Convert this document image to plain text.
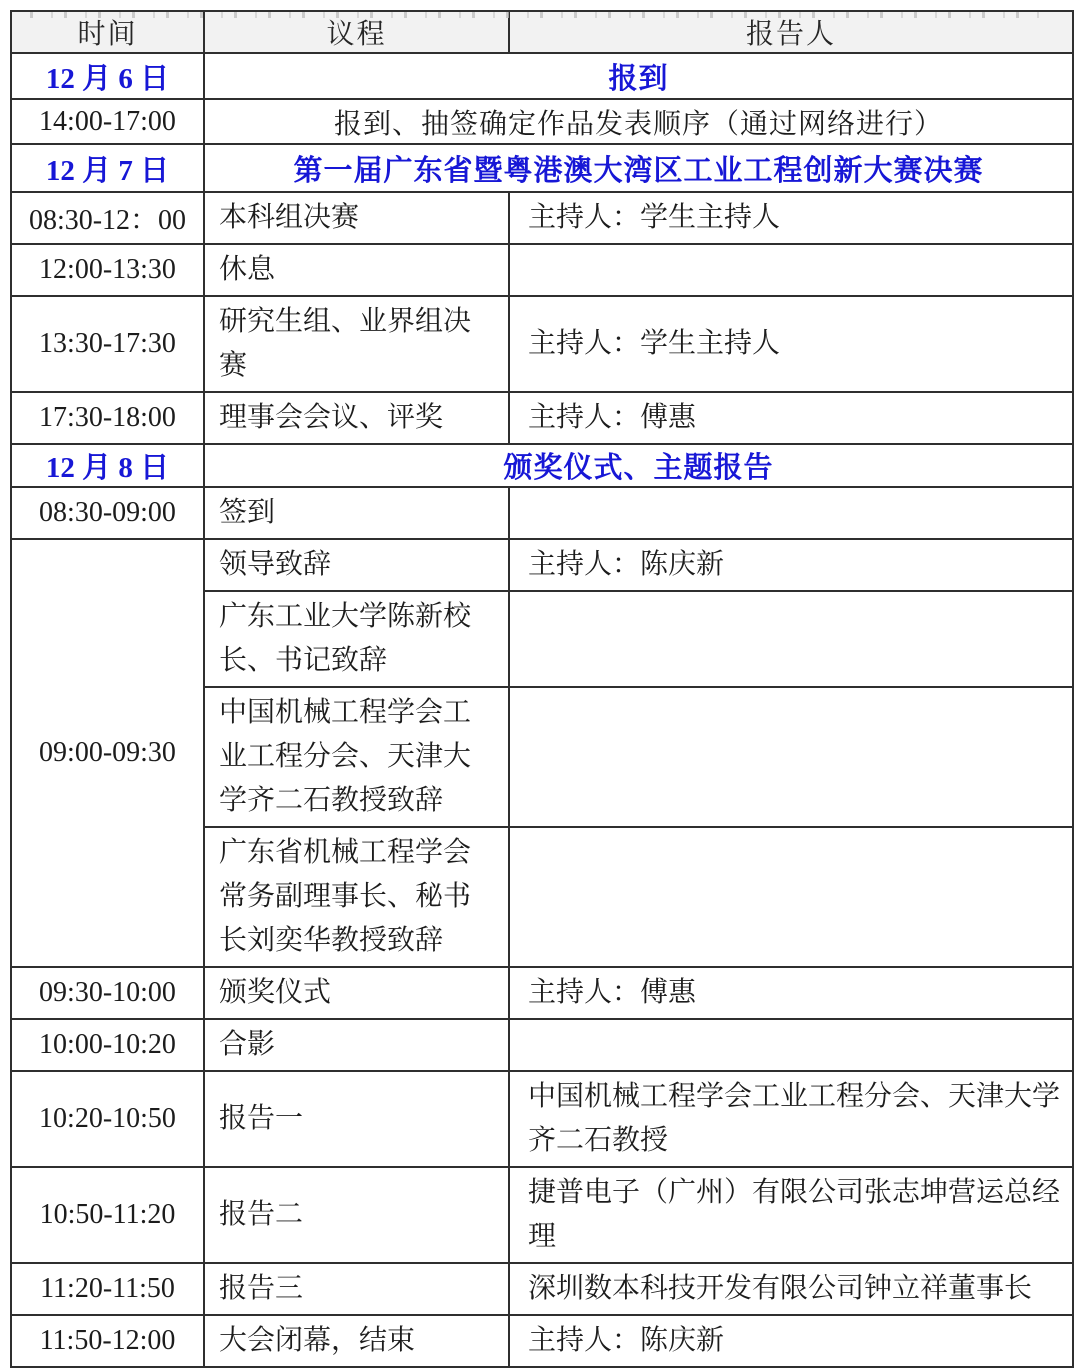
时间	议程	报告人
12 月 6 日	报到	
14:00-17:00	报到、抽签确定作品发表顺序（通过网络进行）	
12 月 7 日	第一届广东省暨粤港澳大湾区工业工程创新大赛决赛	
08:30-12：00	本科组决赛	主持人：学生主持人
12:00-13:30	休息	
13:30-17:30	研究生组、业界组决赛	主持人：学生主持人
17:30-18:00	理事会会议、评奖	主持人：傅惠
12 月 8 日	颁奖仪式、主题报告	
08:30-09:00	签到	
09:00-09:30	领导致辞	主持人：陈庆新
	广东工业大学陈新校长、书记致辞	
	中国机械工程学会工业工程分会、天津大学齐二石教授致辞	
	广东省机械工程学会常务副理事长、秘书长刘奕华教授致辞	
09:30-10:00	颁奖仪式	主持人：傅惠
10:00-10:20	合影	
10:20-10:50	报告一	中国机械工程学会工业工程分会、天津大学齐二石教授
10:50-11:20	报告二	捷普电子（广州）有限公司张志坤营运总经理
11:20-11:50	报告三	深圳数本科技开发有限公司钟立祥董事长
11:50-12:00	大会闭幕，结束	主持人：陈庆新
